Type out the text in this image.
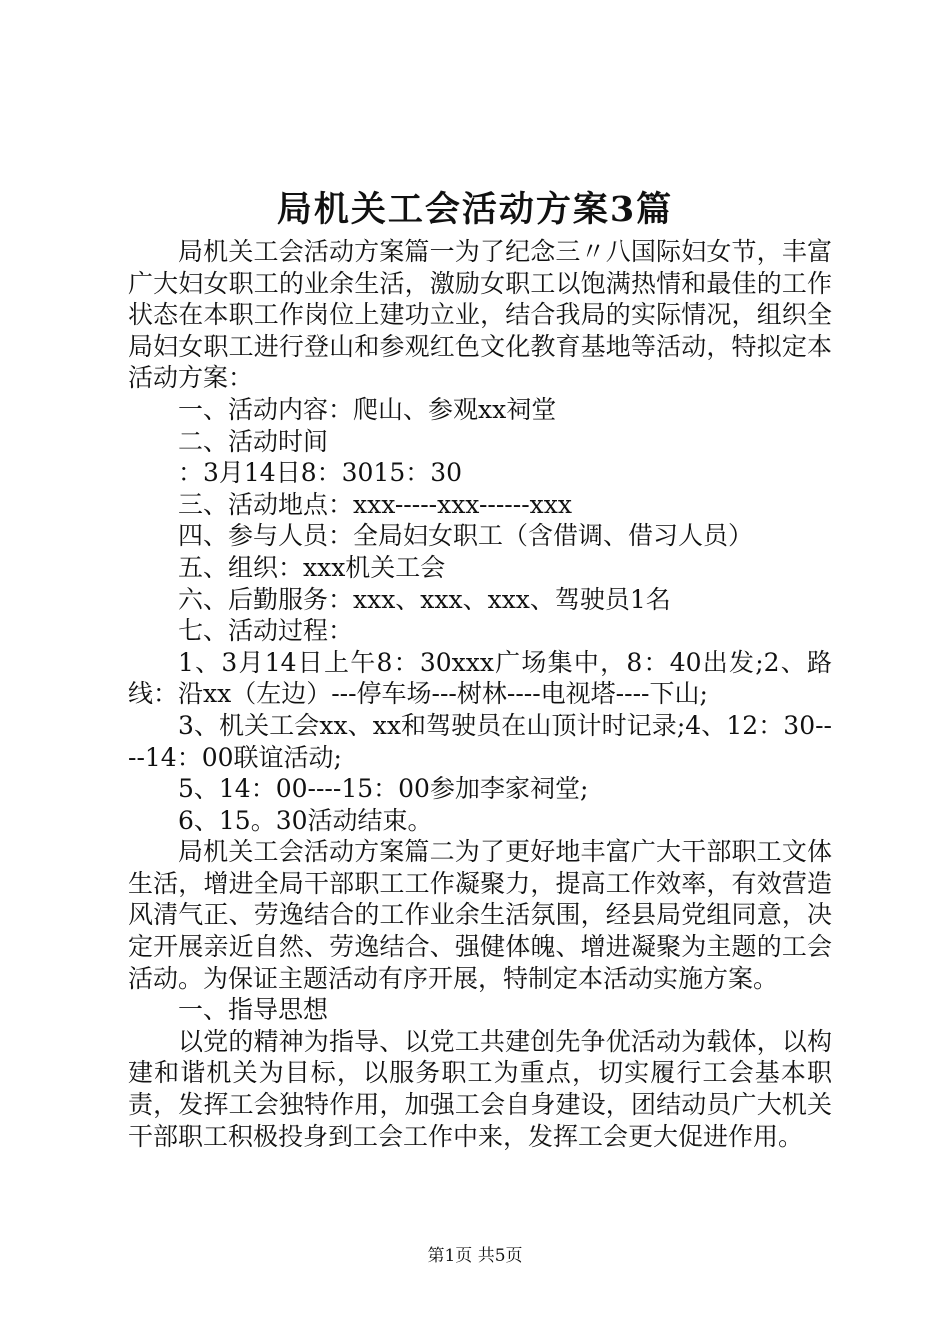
局机关工会活动方案3篇

局机关工会活动方案篇一为了纪念三〃八国际妇女节，丰富广大妇女职工的业余生活，激励女职工以饱满热情和最佳的工作状态在本职工作岗位上建功立业，结合我局的实际情况，组织全局妇女职工进行登山和参观红色文化教育基地等活动，特拟定本活动方案：

一、活动内容：爬山、参观xx祠堂

二、活动时间

：3月14日8：3015：30

三、活动地点：xxx-----xxx------xxx

四、参与人员：全局妇女职工（含借调、借习人员）

五、组织：xxx机关工会

六、后勤服务：xxx、xxx、xxx、驾驶员1名

七、活动过程：

1、3月14日上午8：30xxx广场集中，8：40出发;2、路线：沿xx（左边）---停车场---树林----电视塔----下山;

3、机关工会xx、xx和驾驶员在山顶计时记录;4、12：30----14：00联谊活动;

5、14：00----15：00参加李家祠堂;

6、15。30活动结束。

局机关工会活动方案篇二为了更好地丰富广大干部职工文体生活，增进全局干部职工工作凝聚力，提高工作效率，有效营造风清气正、劳逸结合的工作业余生活氛围，经县局党组同意，决定开展亲近自然、劳逸结合、强健体魄、增进凝聚为主题的工会活动。为保证主题活动有序开展，特制定本活动实施方案。

一、指导思想

以党的精神为指导、以党工共建创先争优活动为载体，以构建和谐机关为目标，以服务职工为重点，切实履行工会基本职责，发挥工会独特作用，加强工会自身建设，团结动员广大机关干部职工积极投身到工会工作中来，发挥工会更大促进作用。

第1页 共5页
